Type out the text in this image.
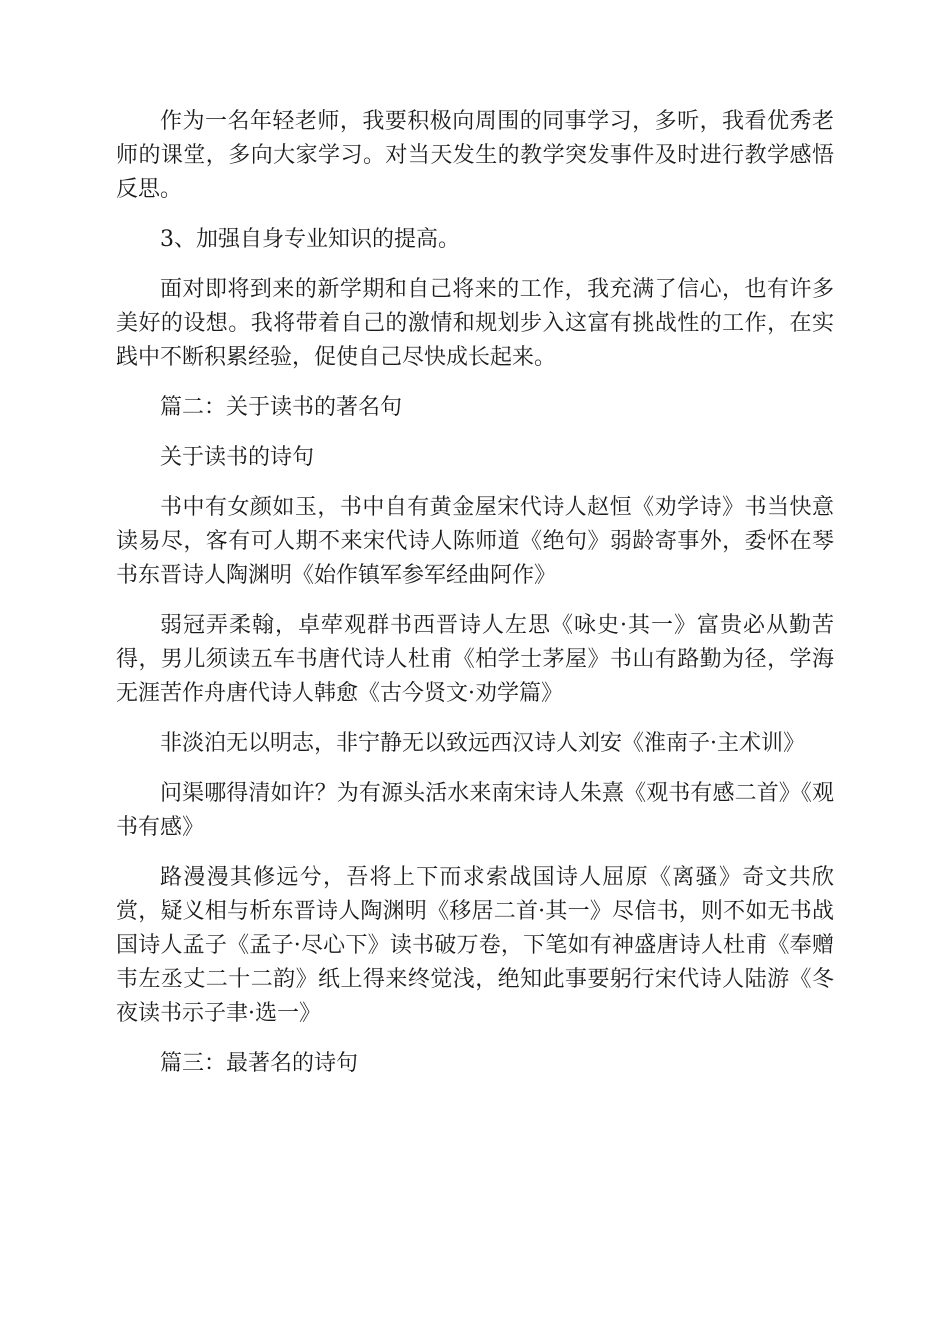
作为一名年轻老师，我要积极向周围的同事学习，多听，我看优秀老师的课堂，多向大家学习。对当天发生的教学突发事件及时进行教学感悟反思。

3、加强自身专业知识的提高。

面对即将到来的新学期和自己将来的工作，我充满了信心，也有许多美好的设想。我将带着自己的激情和规划步入这富有挑战性的工作，在实践中不断积累经验，促使自己尽快成长起来。

篇二：关于读书的著名句

关于读书的诗句

书中有女颜如玉，书中自有黄金屋宋代诗人赵恒《劝学诗》书当快意读易尽，客有可人期不来宋代诗人陈师道《绝句》弱龄寄事外，委怀在琴书东晋诗人陶渊明《始作镇军参军经曲阿作》

弱冠弄柔翰，卓荦观群书西晋诗人左思《咏史·其一》富贵必从勤苦得，男儿须读五车书唐代诗人杜甫《柏学士茅屋》书山有路勤为径，学海无涯苦作舟唐代诗人韩愈《古今贤文·劝学篇》

非淡泊无以明志，非宁静无以致远西汉诗人刘安《淮南子·主术训》

问渠哪得清如许？为有源头活水来南宋诗人朱熹《观书有感二首》《观书有感》

路漫漫其修远兮，吾将上下而求索战国诗人屈原《离骚》奇文共欣赏，疑义相与析东晋诗人陶渊明《移居二首·其一》尽信书，则不如无书战国诗人孟子《孟子·尽心下》读书破万卷，下笔如有神盛唐诗人杜甫《奉赠韦左丞丈二十二韵》纸上得来终觉浅，绝知此事要躬行宋代诗人陆游《冬夜读书示子聿·选一》

篇三：最著名的诗句
